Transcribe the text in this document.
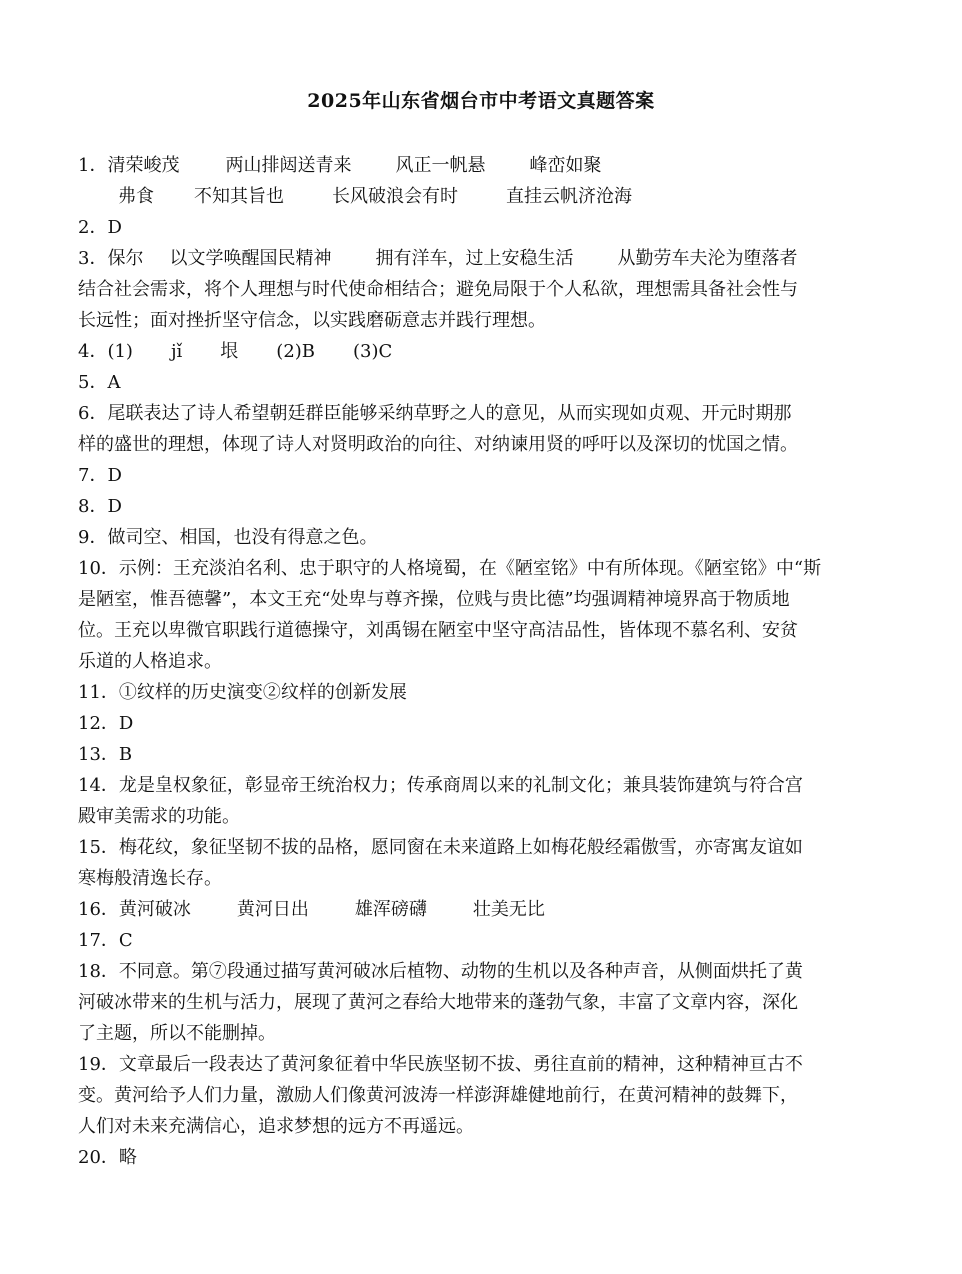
2025年山东省烟台市中考语文真题答案
1．清荣峻茂	两山排闼送青来 风正一帆悬 峰峦如聚
弗食 不知其旨也	长风破浪会有时	直挂云帆济沧海
2．D
3．保尔 以文学唤醒国民精神 拥有洋车，过上安稳生活 从勤劳车夫沦为堕落者
结合社会需求，将个人理想与时代使命相结合；避免局限于个人私欲，理想需具备社会性与
长远性；面对挫折坚守信念，以实践磨砺意志并践行理想。
4．(1) jǐ 垠 (2)B (3)C
5．A
6．尾联表达了诗人希望朝廷群臣能够采纳草野之人的意见，从而实现如贞观、开元时期那
样的盛世的理想，体现了诗人对贤明政治的向往、对纳谏用贤的呼吁以及深切的忧国之情。
7．D
8．D
9．做司空、相国，也没有得意之色。
10．示例：王充淡泊名利、忠于职守的人格境蜀，在《陋室铭》中有所体现。《陋室铭》中“斯
是陋室，惟吾德馨”，本文王充“处卑与尊齐操，位贱与贵比德”均强调精神境界高于物质地
位。王充以卑微官职践行道德操守，刘禹锡在陋室中坚守高洁品性，皆体现不慕名利、安贫
乐道的人格追求。
11．①纹样的历史演变②纹样的创新发展
12．D
13．B
14．龙是皇权象征，彰显帝王统治权力；传承商周以来的礼制文化；兼具装饰建筑与符合宫
殿审美需求的功能。
15．梅花纹，象征坚韧不拔的品格，愿同窗在未来道路上如梅花般经霜傲雪，亦寄寓友谊如
寒梅般清逸长存。
16．黄河破冰	黄河日出	雄浑磅礴	壮美无比
17．C
18．不同意。第⑦段通过描写黄河破冰后植物、动物的生机以及各种声音，从侧面烘托了黄
河破冰带来的生机与活力，展现了黄河之春给大地带来的蓬勃气象，丰富了文章内容，深化
了主题，所以不能删掉。
19．文章最后一段表达了黄河象征着中华民族坚韧不拔、勇往直前的精神，这种精神亘古不
变。黄河给予人们力量，激励人们像黄河波涛一样澎湃雄健地前行，在黄河精神的鼓舞下，
人们对未来充满信心，追求梦想的远方不再遥远。
20．略
